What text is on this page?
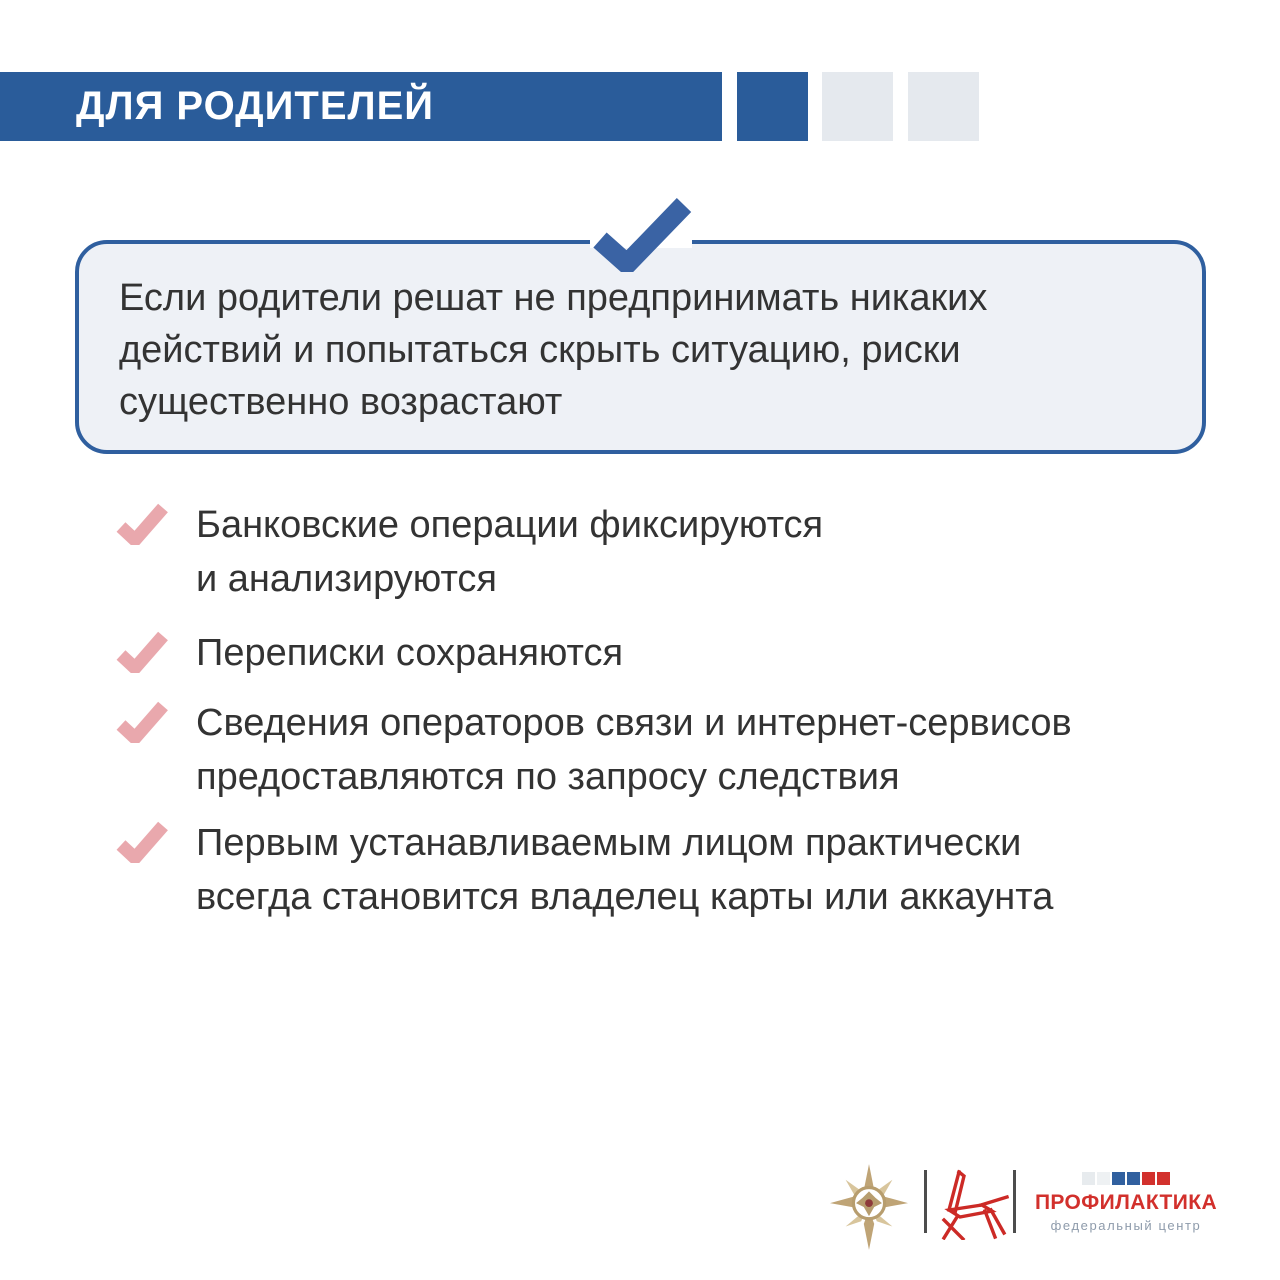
ДЛЯ РОДИТЕЛЕЙ
Если родители решат не предпринимать никаких
действий и попытаться скрыть ситуацию, риски
существенно возрастают
Банковские операции фиксируются
и анализируются
Переписки сохраняются
Сведения операторов связи и интернет-сервисов
предоставляются по запросу следствия
Первым устанавливаемым лицом практически
всегда становится владелец карты или аккаунта
ПРОФИЛАКТИКА
федеральный центр
